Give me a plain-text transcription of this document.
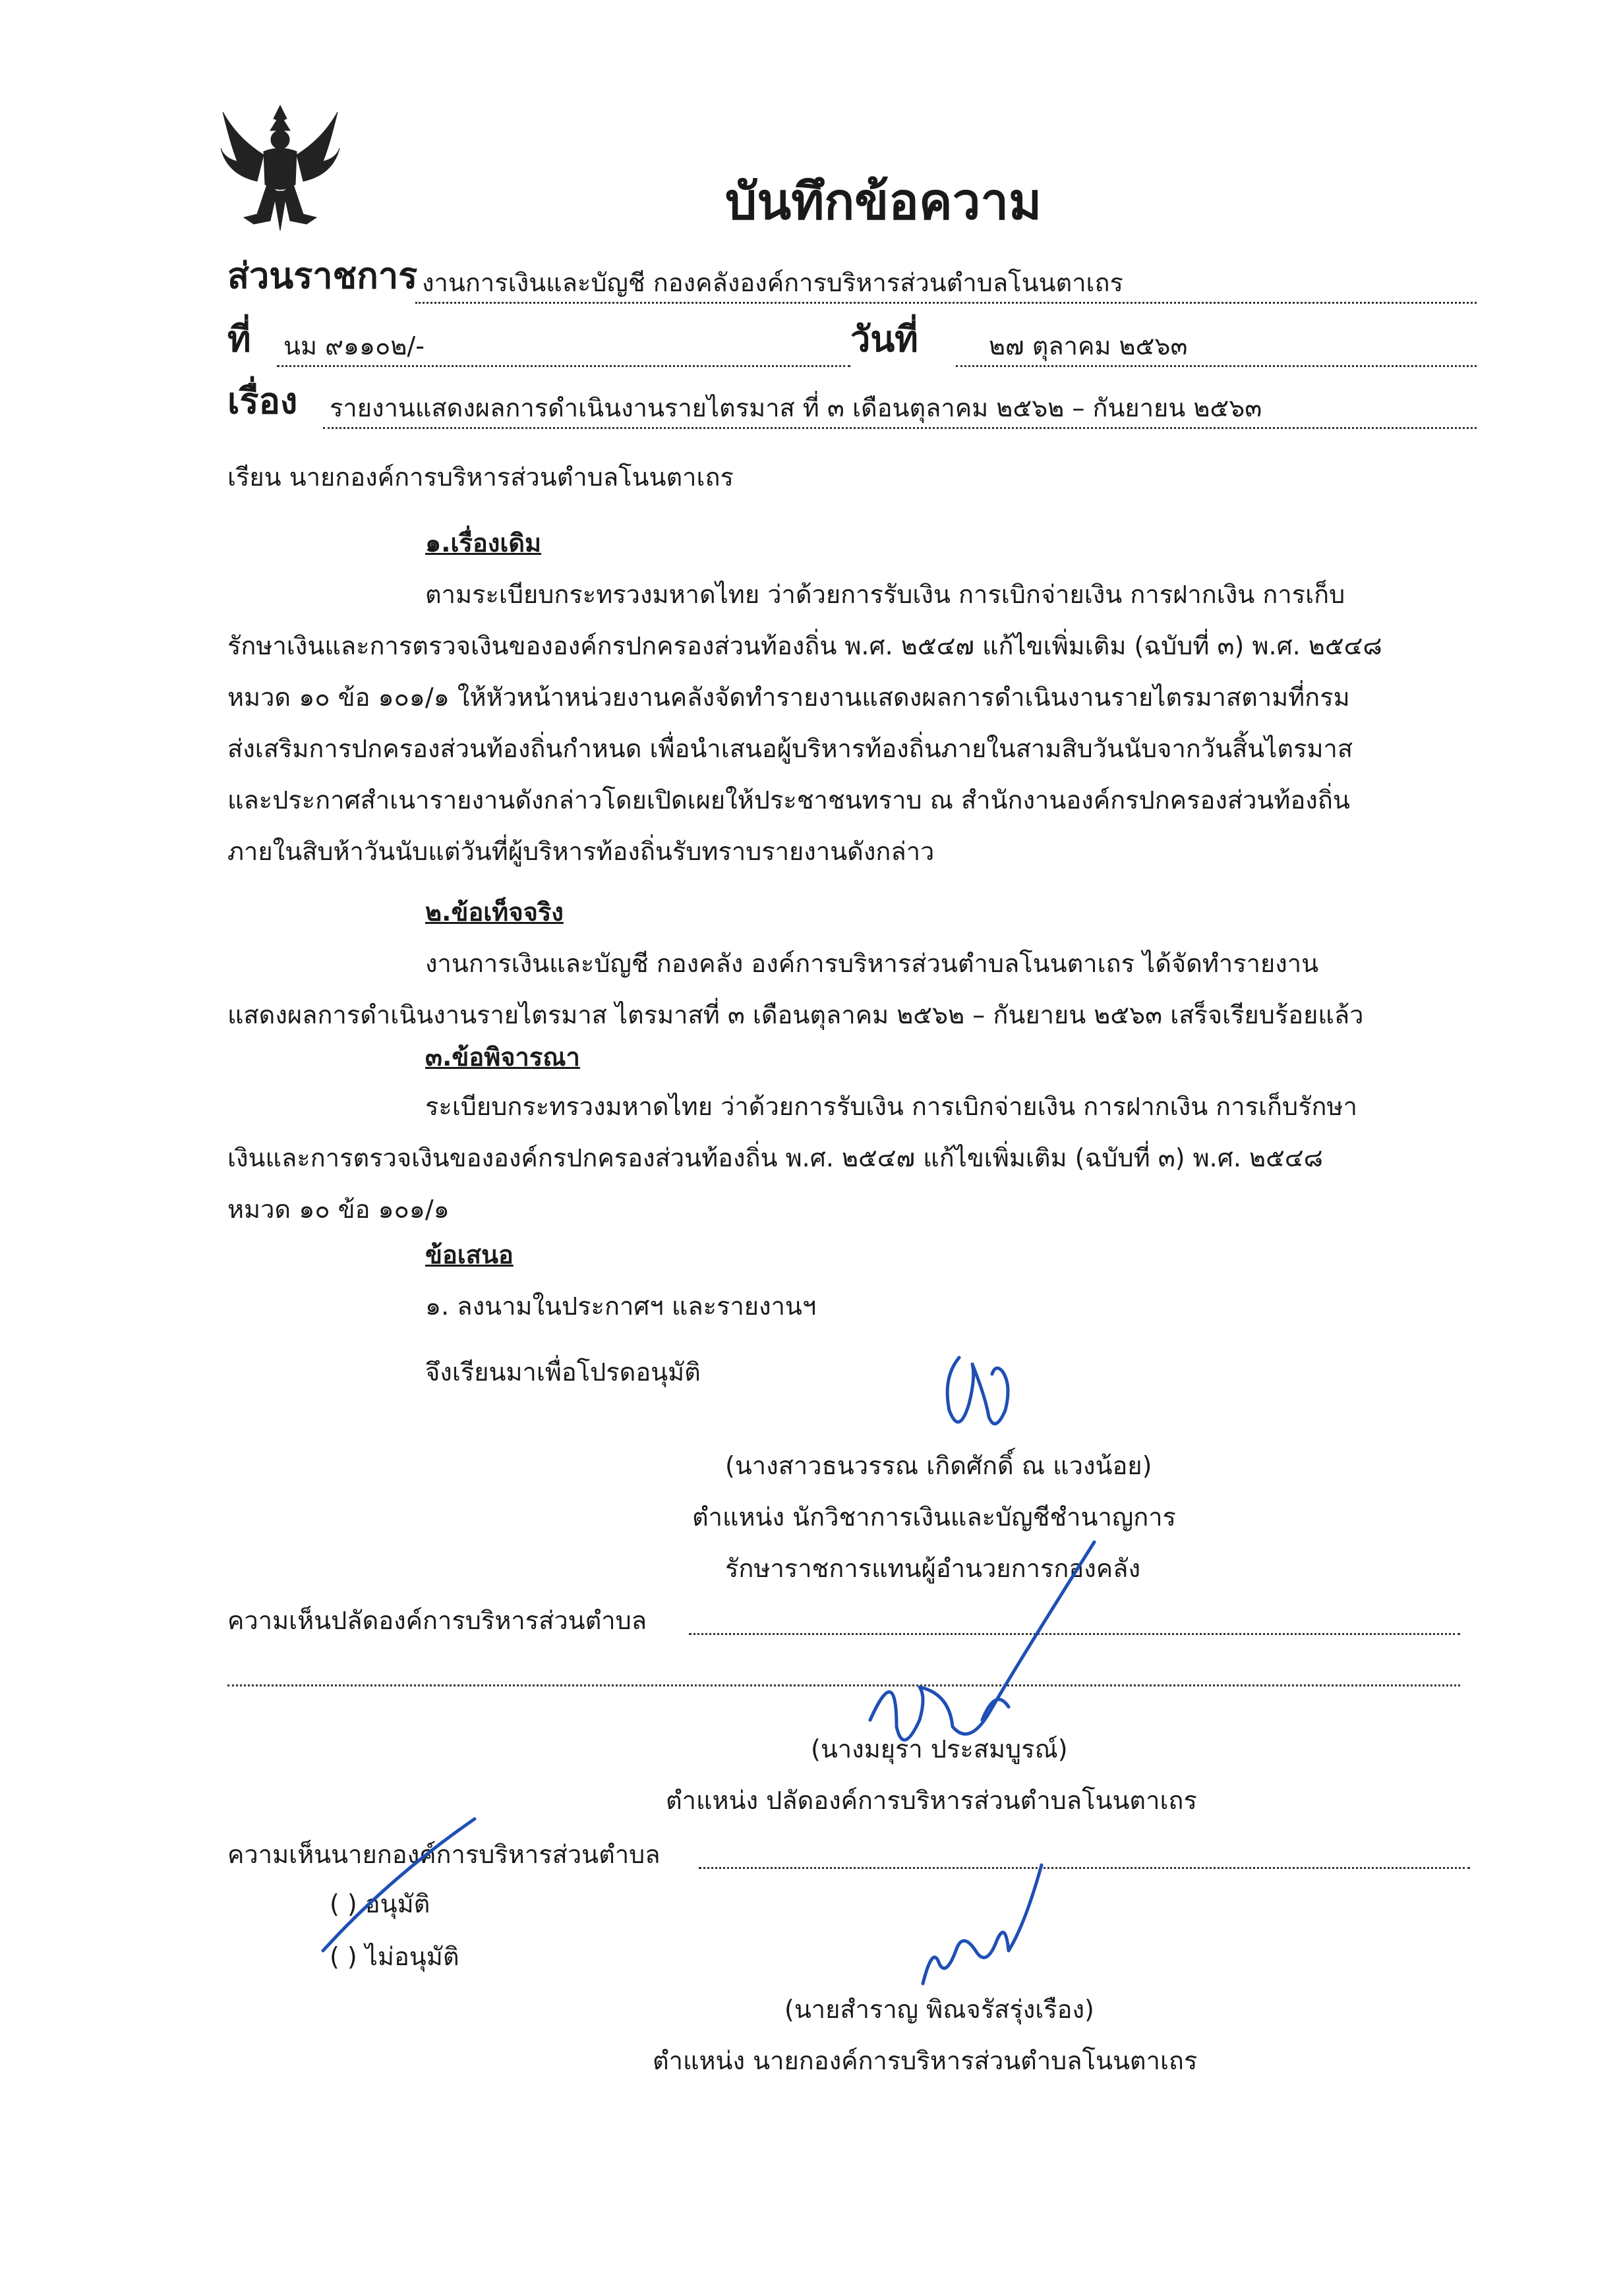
บันทึกข้อความ
ส่วนราชการ งานการเงินและบัญชี กองคลังองค์การบริหารส่วนตำบลโนนตาเถร
ที่ นม ๙๑๑๐๒/-	วันที่	๒๗ ตุลาคม ๒๕๖๓
เรื่อง รายงานแสดงผลการดำเนินงานรายไตรมาส ที่ ๓ เดือนตุลาคม ๒๕๖๒ – กันยายน ๒๕๖๓
เรียน นายกองค์การบริหารส่วนตำบลโนนตาเถร
๑.เรื่องเดิม
ตามระเบียบกระทรวงมหาดไทย ว่าด้วยการรับเงิน การเบิกจ่ายเงิน การฝากเงิน การเก็บ
รักษาเงินและการตรวจเงินขององค์กรปกครองส่วนท้องถิ่น พ.ศ. ๒๕๔๗ แก้ไขเพิ่มเติม (ฉบับที่ ๓) พ.ศ. ๒๕๔๘
หมวด ๑๐ ข้อ ๑๐๑/๑ ให้หัวหน้าหน่วยงานคลังจัดทำรายงานแสดงผลการดำเนินงานรายไตรมาสตามที่กรม
ส่งเสริมการปกครองส่วนท้องถิ่นกำหนด เพื่อนำเสนอผู้บริหารท้องถิ่นภายในสามสิบวันนับจากวันสิ้นไตรมาส
และประกาศสำเนารายงานดังกล่าวโดยเปิดเผยให้ประชาชนทราบ ณ สำนักงานองค์กรปกครองส่วนท้องถิ่น
ภายในสิบห้าวันนับแต่วันที่ผู้บริหารท้องถิ่นรับทราบรายงานดังกล่าว
๒.ข้อเท็จจริง
งานการเงินและบัญชี กองคลัง องค์การบริหารส่วนตำบลโนนตาเถร ได้จัดทำรายงาน
แสดงผลการดำเนินงานรายไตรมาส ไตรมาสที่ ๓ เดือนตุลาคม ๒๕๖๒ – กันยายน ๒๕๖๓ เสร็จเรียบร้อยแล้ว
๓.ข้อพิจารณา
ระเบียบกระทรวงมหาดไทย ว่าด้วยการรับเงิน การเบิกจ่ายเงิน การฝากเงิน การเก็บรักษา
เงินและการตรวจเงินขององค์กรปกครองส่วนท้องถิ่น พ.ศ. ๒๕๔๗ แก้ไขเพิ่มเติม (ฉบับที่ ๓) พ.ศ. ๒๕๔๘
หมวด ๑๐ ข้อ ๑๐๑/๑
ข้อเสนอ
๑. ลงนามในประกาศฯ และรายงานฯ
จึงเรียนมาเพื่อโปรดอนุมัติ
(นางสาวธนวรรณ เกิดศักดิ์ ณ แวงน้อย)
ตำแหน่ง นักวิชาการเงินและบัญชีชำนาญการ
รักษาราชการแทนผู้อำนวยการกองคลัง
ความเห็นปลัดองค์การบริหารส่วนตำบล
(นางมยุรา ประสมบูรณ์)
ตำแหน่ง ปลัดองค์การบริหารส่วนตำบลโนนตาเถร
ความเห็นนายกองค์การบริหารส่วนตำบล
( ) อนุมัติ
( ) ไม่อนุมัติ
(นายสำราญ พิณจรัสรุ่งเรือง)
ตำแหน่ง นายกองค์การบริหารส่วนตำบลโนนตาเถร
